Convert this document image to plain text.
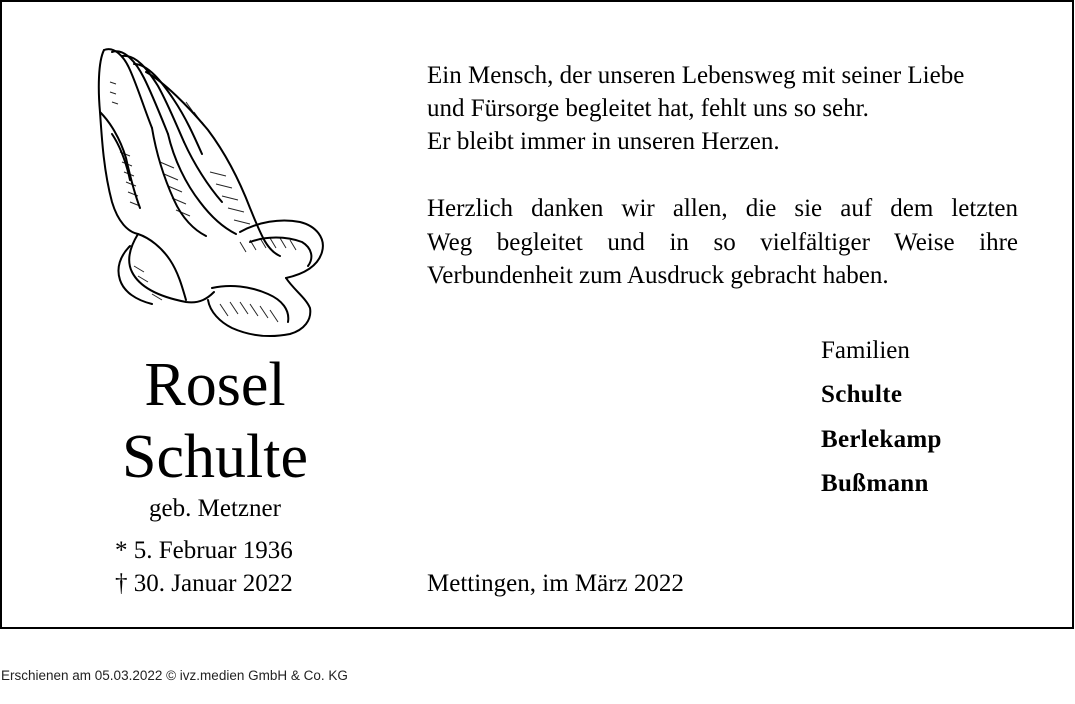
Rosel
Schulte
geb. Metzner
* 5. Februar 1936
† 30. Januar 2022
Ein Mensch, der unseren Lebensweg mit seiner Liebe
und Fürsorge begleitet hat, fehlt uns so sehr.
Er bleibt immer in unseren Herzen.
Herzlich danken wir allen, die sie auf dem letzten
Weg begleitet und in so vielfältiger Weise ihre
Verbundenheit zum Ausdruck gebracht haben.
Familien
Schulte
Berlekamp
Bußmann
Mettingen, im März 2022
Erschienen am 05.03.2022 © ivz.medien GmbH & Co. KG
